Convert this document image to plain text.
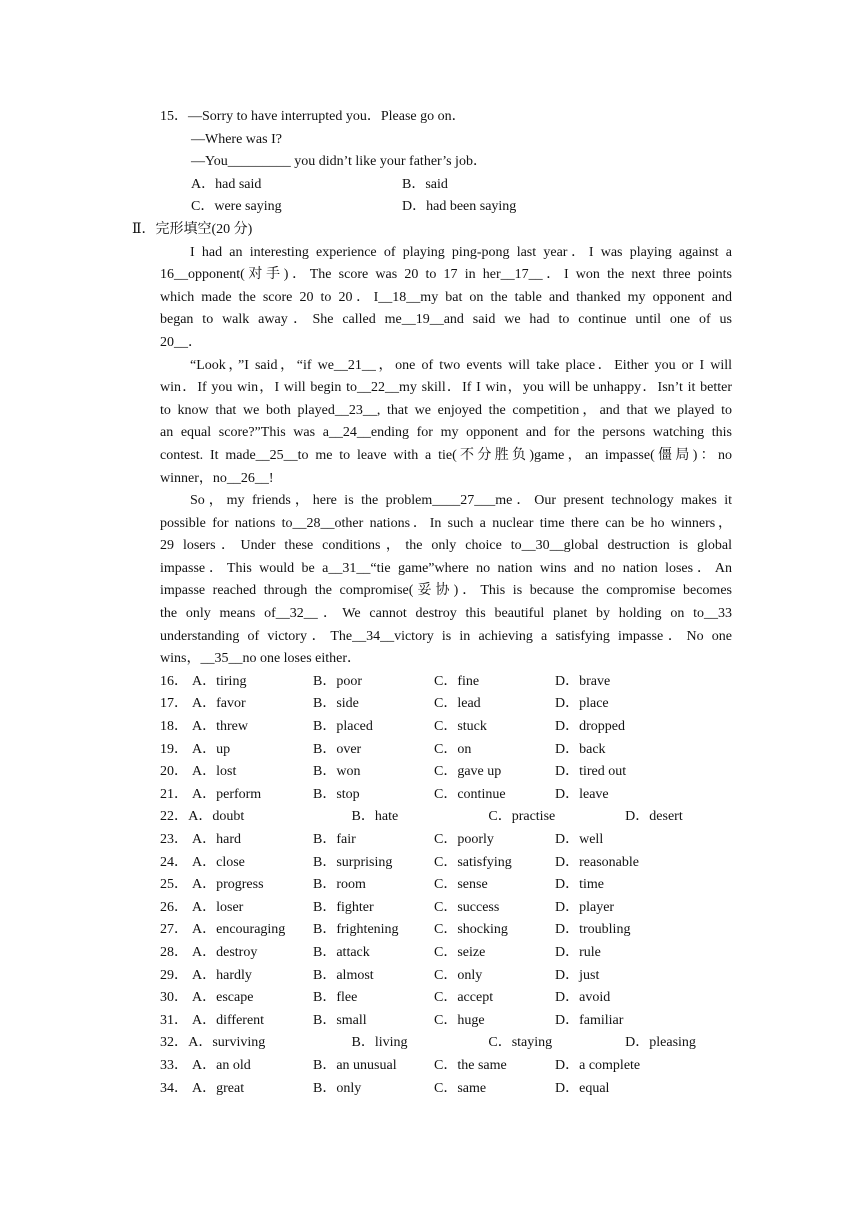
15．—Sorry to have interrupted you．Please go on．
—Where was I?
—You_________ you didn’t like your father’s job．
A．had said	B．said
C．were saying	D．had been saying
Ⅱ．完形填空(20 分)
I had an interesting experience of playing ping-pong last year．I was playing against a
16__opponent(对手)．The score was 20 to 17 in her__17__．I won the next three points
which made the score 20 to 20．I__18__my bat on the table and thanked my opponent and
began to walk away．She called me__19__and said we had to continue until one of us
20__．
“Look，”I said，“if we__21__，one of two events will take place．Either you or I will
win．If you win，I will begin to__22__my skill．If I win，you will be unhappy．Isn’t it better
to know that we both played__23__, that we enjoyed the competition，and that we played to
an equal score?”This was a__24__ending for my opponent and for the persons watching this
contest. It made__25__to me to leave with a tie(不分胜负)game，an impasse(僵局)：no
winner，no__26__!
So，my friends，here is the problem____27___me．Our present technology makes it
possible for nations to__28__other nations．In such a nuclear time there can be ho winners，
29 losers．Under these conditions，the only choice to__30__global destruction is global
impasse．This would be a__31__“tie game”where no nation wins and no nation loses．An
impasse reached through the compromise(妥协)．This is because the compromise becomes
the only means of__32__．We cannot destroy this beautiful planet by holding on to__33
understanding of victory．The__34__victory is in achieving a satisfying impasse．No one
wins，__35__no one loses either．
16． A．tiring	B．poor	C．fine	D．brave
17． A．favor	B．side	C．lead	D．place
18． A．threw	B．placed	C．stuck	D．dropped
19． A．up	B．over	C．on	D．back
20． A．lost	B．won	C．gave up	D．tired out
21． A．perform	B．stop	C．continue	D．leave
22． A．doubt	B．hate	C．practise	D．desert
23． A．hard	B．fair	C．poorly	D．well
24． A．close	B．surprising	C．satisfying	D．reasonable
25． A．progress	B．room	C．sense	D．time
26． A．loser	B．fighter	C．success	D．player
27． A．encouraging	B．frightening	C．shocking	D．troubling
28． A．destroy	B．attack	C．seize	D．rule
29． A．hardly	B．almost	C．only	D．just
30． A．escape	B．flee	C．accept	D．avoid
31． A．different	B．small	C．huge	D．familiar
32． A．surviving	B．living	C．staying	D．pleasing
33． A．an old	B．an unusual	C．the same	D．a complete
34． A．great	B．only	C．same	D．equal
